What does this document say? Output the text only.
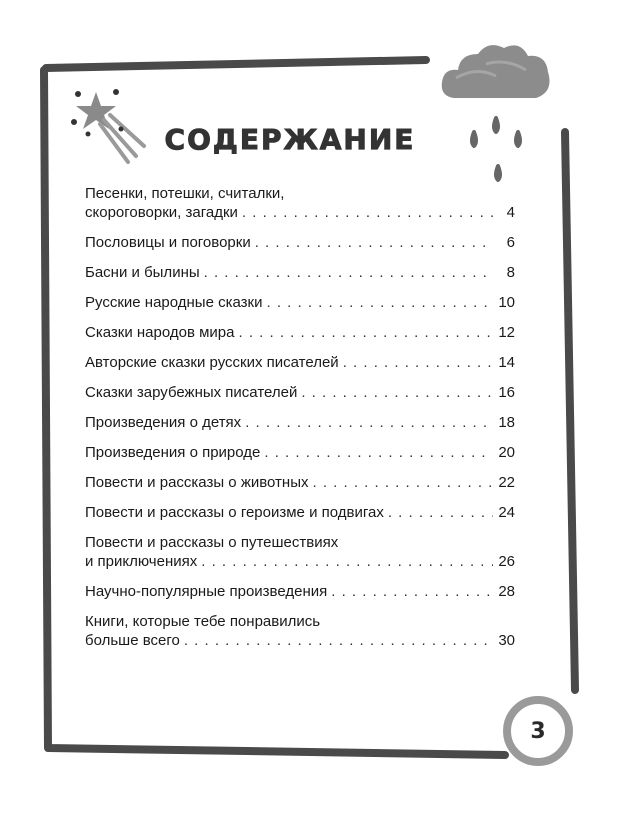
СОДЕРЖАНИЕ
Песенки, потешки, считалки,
скороговорки, загадки . . .	4
Пословицы и поговорки . . .	6
Басни и былины . . .	8
Русские народные сказки . . .	10
Сказки народов мира . . .	12
Авторские сказки русских писателей . . .	14
Сказки зарубежных писателей . . .	16
Произведения о детях . . .	18
Произведения о природе . . .	20
Повести и рассказы о животных . . .	22
Повести и рассказы о героизме и подвигах . . .	24
Повести и рассказы о путешествиях
и приключениях . . .	26
Научно-популярные произведения . . .	28
Книги, которые тебе понравились
больше всего . . .	30
3
